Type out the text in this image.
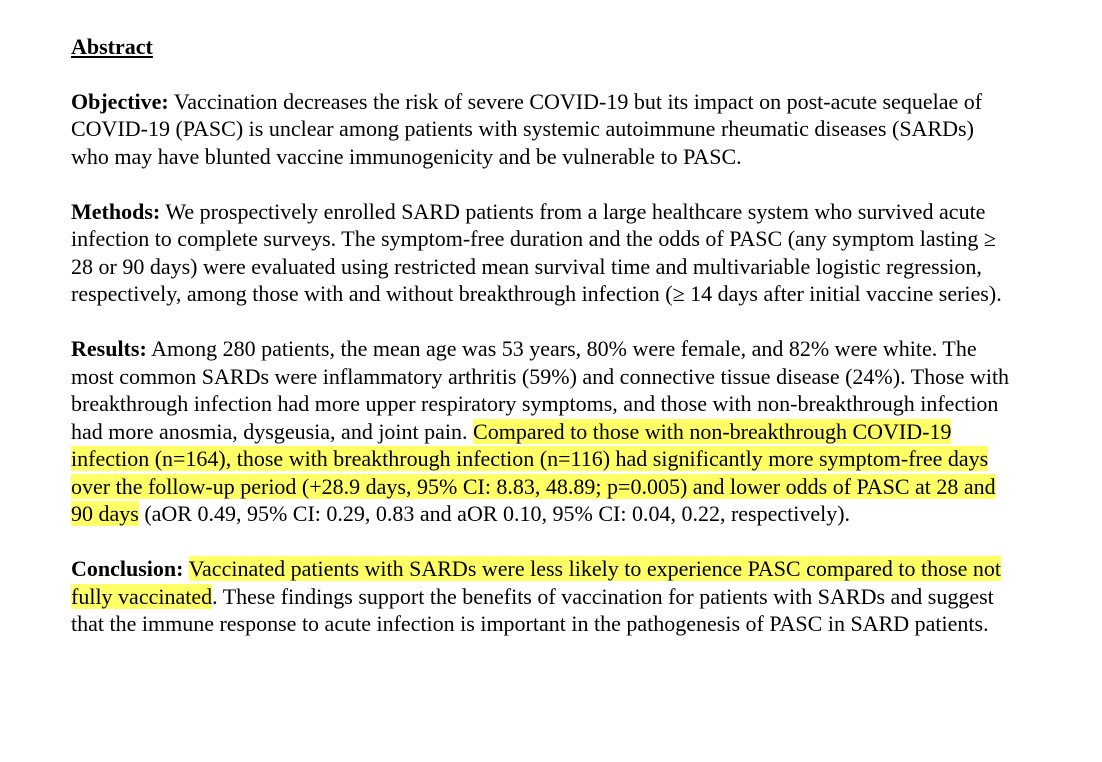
Abstract
Objective: Vaccination decreases the risk of severe COVID-19 but its impact on post-acute sequelae of COVID-19 (PASC) is unclear among patients with systemic autoimmune rheumatic diseases (SARDs) who may have blunted vaccine immunogenicity and be vulnerable to PASC.
Methods: We prospectively enrolled SARD patients from a large healthcare system who survived acute infection to complete surveys. The symptom-free duration and the odds of PASC (any symptom lasting ≥ 28 or 90 days) were evaluated using restricted mean survival time and multivariable logistic regression, respectively, among those with and without breakthrough infection (≥ 14 days after initial vaccine series).
Results: Among 280 patients, the mean age was 53 years, 80% were female, and 82% were white. The most common SARDs were inflammatory arthritis (59%) and connective tissue disease (24%). Those with breakthrough infection had more upper respiratory symptoms, and those with non-breakthrough infection had more anosmia, dysgeusia, and joint pain. Compared to those with non-breakthrough COVID-19 infection (n=164), those with breakthrough infection (n=116) had significantly more symptom-free days over the follow-up period (+28.9 days, 95% CI: 8.83, 48.89; p=0.005) and lower odds of PASC at 28 and 90 days (aOR 0.49, 95% CI: 0.29, 0.83 and aOR 0.10, 95% CI: 0.04, 0.22, respectively).
Conclusion: Vaccinated patients with SARDs were less likely to experience PASC compared to those not fully vaccinated. These findings support the benefits of vaccination for patients with SARDs and suggest that the immune response to acute infection is important in the pathogenesis of PASC in SARD patients.
